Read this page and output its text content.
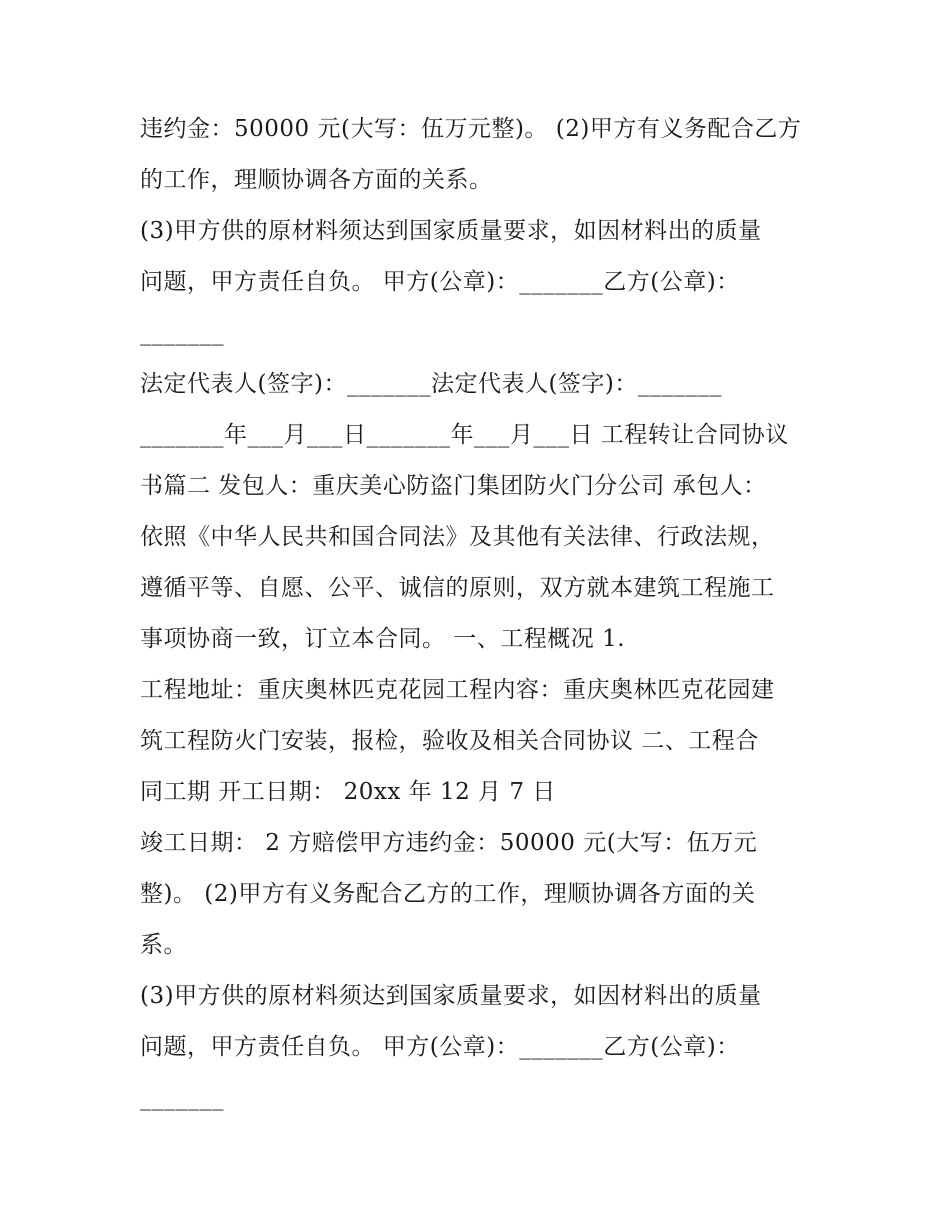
违约金：50000 元(大写：伍万元整)。 (2)甲方有义务配合乙方
的工作，理顺协调各方面的关系。
(3)甲方供的原材料须达到国家质量要求，如因材料出的质量
问题，甲方责任自负。 甲方(公章)：_______乙方(公章)：
_______
法定代表人(签字)：_______法定代表人(签字)：_______
_______年___月___日_______年___月___日 工程转让合同协议
书篇二 发包人：重庆美心防盗门集团防火门分公司 承包人：
依照《中华人民共和国合同法》及其他有关法律、行政法规，
遵循平等、自愿、公平、诚信的原则，双方就本建筑工程施工
事项协商一致，订立本合同。 一、工程概况 1.
工程地址：重庆奥林匹克花园工程内容：重庆奥林匹克花园建
筑工程防火门安装，报检，验收及相关合同协议 二、工程合
同工期 开工日期： 20xx 年 12 月 7 日
竣工日期： 2 方赔偿甲方违约金：50000 元(大写：伍万元
整)。 (2)甲方有义务配合乙方的工作，理顺协调各方面的关
系。
(3)甲方供的原材料须达到国家质量要求，如因材料出的质量
问题，甲方责任自负。 甲方(公章)：_______乙方(公章)：
_______
